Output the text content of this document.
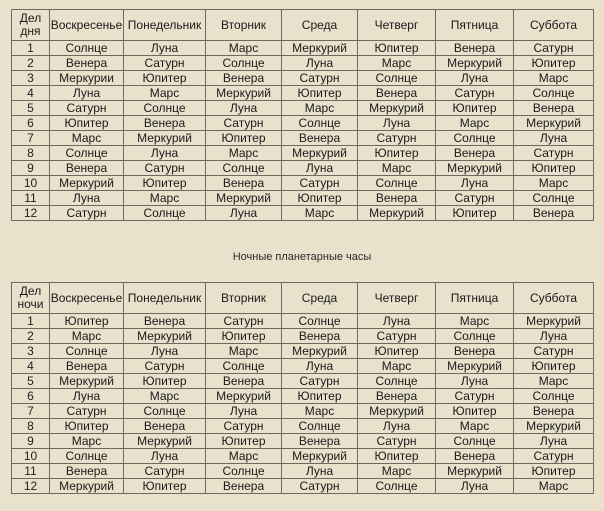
Дел дня	Воскресенье	Понедельник	Вторник	Среда	Четверг	Пятница	Суббота
1	Солнце	Луна	Марс	Меркурий	Юпитер	Венера	Сатурн
2	Венера	Сатурн	Солнце	Луна	Марс	Меркурий	Юпитер
3	Меркурии	Юпитер	Венера	Сатурн	Солнце	Луна	Марс
4	Луна	Марс	Меркурий	Юпитер	Венера	Сатурн	Солнце
5	Сатурн	Солнце	Луна	Марс	Меркурий	Юпитер	Венера
6	Юпитер	Венера	Сатурн	Солнце	Луна	Марс	Меркурий
7	Марс	Меркурий	Юпитер	Венера	Сатурн	Солнце	Луна
8	Солнце	Луна	Марс	Меркурий	Юпитер	Венера	Сатурн
9	Венера	Сатурн	Солнце	Луна	Марс	Меркурий	Юпитер
10	Меркурий	Юпитер	Венера	Сатурн	Солнце	Луна	Марс
11	Луна	Марс	Меркурий	Юпитер	Венера	Сатурн	Солнце
12	Сатурн	Солнце	Луна	Марс	Меркурий	Юпитер	Венера
Ночные планетарные часы
Дел ночи	Воскресенье	Понедельник	Вторник	Среда	Четверг	Пятница	Суббота
1	Юпитер	Венера	Сатурн	Солнце	Луна	Марс	Меркурий
2	Марс	Меркурий	Юпитер	Венера	Сатурн	Солнце	Луна
3	Солнце	Луна	Марс	Меркурий	Юпитер	Венера	Сатурн
4	Венера	Сатурн	Солнце	Луна	Марс	Меркурий	Юпитер
5	Меркурий	Юпитер	Венера	Сатурн	Солнце	Луна	Марс
6	Луна	Марс	Меркурий	Юпитер	Венера	Сатурн	Солнце
7	Сатурн	Солнце	Луна	Марс	Меркурий	Юпитер	Венера
8	Юпитер	Венера	Сатурн	Солнце	Луна	Марс	Меркурий
9	Марс	Меркурий	Юпитер	Венера	Сатурн	Солнце	Луна
10	Солнце	Луна	Марс	Меркурий	Юпитер	Венера	Сатурн
11	Венера	Сатурн	Солнце	Луна	Марс	Меркурий	Юпитер
12	Меркурий	Юпитер	Венера	Сатурн	Солнце	Луна	Марс
